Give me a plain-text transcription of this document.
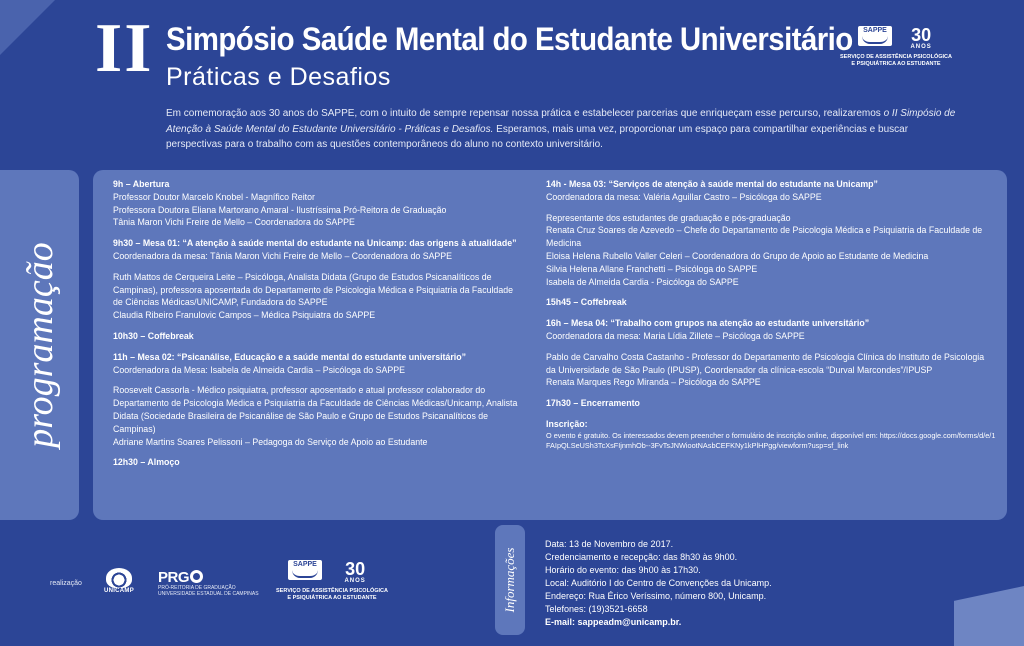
II Simpósio Saúde Mental do Estudante Universitário
Práticas e Desafios
SAPPE
30
ANOS
SERVIÇO DE ASSISTÊNCIA PSICOLÓGICA
E PSIQUIÁTRICA AO ESTUDANTE
Em comemoração aos 30 anos do SAPPE, com o intuito de sempre repensar nossa prática e estabelecer parcerias que enriqueçam esse percurso, realizaremos o II Simpósio de Atenção à Saúde Mental do Estudante Universitário - Práticas e Desafios. Esperamos, mais uma vez, proporcionar um espaço para compartilhar experiências e buscar perspectivas para o trabalho com as questões contemporâneos do aluno no contexto universitário.
programação
9h – Abertura
Professor Doutor Marcelo Knobel - Magnífico Reitor
Professora Doutora Eliana Martorano Amaral - Ilustríssima Pró-Reitora de Graduação
Tânia Maron Vichi Freire de Mello – Coordenadora do SAPPE
9h30 – Mesa 01: “A atenção à saúde mental do estudante na Unicamp: das origens à atualidade”
Coordenadora da mesa: Tânia Maron Vichi Freire de Mello – Coordenadora do SAPPE
Ruth Mattos de Cerqueira Leite – Psicóloga, Analista Didata (Grupo de Estudos Psicanalíticos de Campinas), professora aposentada do Departamento de Psicologia Médica e Psiquiatria da Faculdade de Ciências Médicas/UNICAMP, Fundadora do SAPPE
Claudia Ribeiro Franulovic Campos – Médica Psiquiatra do SAPPE
10h30 – Coffebreak
11h – Mesa 02: “Psicanálise, Educação e a saúde mental do estudante universitário”
Coordenadora da Mesa: Isabela de Almeida Cardia – Psicóloga do SAPPE
Roosevelt Cassorla - Médico psiquiatra, professor aposentado e atual professor colaborador do Departamento de Psicologia Médica e Psiquiatria da Faculdade de Ciências Médicas/Unicamp, Analista Didata (Sociedade Brasileira de Psicanálise de São Paulo e Grupo de Estudos Psicanalíticos de Campinas)
Adriane Martins Soares Pelissoni – Pedagoga do Serviço de Apoio ao Estudante
12h30 – Almoço
14h - Mesa 03: “Serviços de atenção à saúde mental do estudante na Unicamp”
Coordenadora da mesa: Valéria Aguillar Castro – Psicóloga do SAPPE
Representante dos estudantes de graduação e pós-graduação
Renata Cruz Soares de Azevedo – Chefe do Departamento de Psicologia Médica e Psiquiatria da Faculdade de Medicina
Eloisa Helena Rubello Valler Celeri – Coordenadora do Grupo de Apoio ao Estudante de Medicina
Silvia Helena Allane Franchetti – Psicóloga do SAPPE
Isabela de Almeida Cardia - Psicóloga do SAPPE
15h45 – Coffebreak
16h – Mesa 04: “Trabalho com grupos na atenção ao estudante universitário”
Coordenadora da mesa: Maria Lídia Zillete – Psicóloga do SAPPE
Pablo de Carvalho Costa Castanho - Professor do Departamento de Psicologia Clínica do Instituto de Psicologia da Universidade de São Paulo (IPUSP), Coordenador da clínica-escola “Durval Marcondes”/IPUSP
Renata Marques Rego Miranda – Psicóloga do SAPPE
17h30 – Encerramento
Inscrição:
O evento é gratuito. Os interessados devem preencher o formulário de inscrição online, disponível em: https://docs.google.com/forms/d/e/1FAIpQLSeUSh3TcXsFIjnmhOb--3FvTsJNWiootNAsbCEFKNy1kPlHPgg/viewform?usp=sf_link
Informações
Data: 13 de Novembro de 2017.
Credenciamento e recepção: das 8h30 às 9h00.
Horário do evento: das 9h00 às 17h30.
Local: Auditório I do Centro de Convenções da Unicamp.
Endereço: Rua Érico Veríssimo, número 800, Unicamp.
Telefones: (19)3521-6658
E-mail: sappeadm@unicamp.br.
realização
UNICAMP
PRG
PRÓ-REITORIA DE GRADUAÇÃO
UNIVERSIDADE ESTADUAL DE CAMPINAS
SAPPE
30
ANOS
SERVIÇO DE ASSISTÊNCIA PSICOLÓGICA
E PSIQUIÁTRICA AO ESTUDANTE
